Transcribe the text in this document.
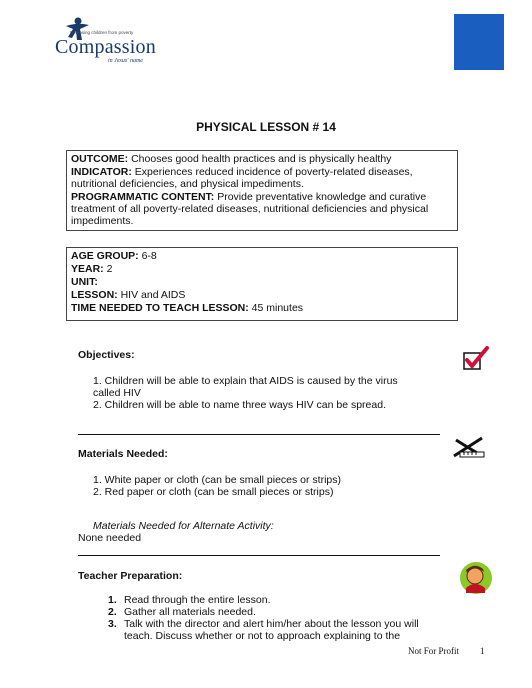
Releasing children from poverty
Compassion
in Jesus' name
PHYSICAL LESSON # 14

OUTCOME: Chooses good health practices and is physically healthy

INDICATOR: Experiences reduced incidence of poverty-related diseases, nutritional deficiencies, and physical impediments.

PROGRAMMATIC CONTENT: Provide preventative knowledge and curative treatment of all poverty-related diseases, nutritional deficiencies and physical impediments.

AGE GROUP: 6-8

YEAR: 2

UNIT:

LESSON: HIV and AIDS

TIME NEEDED TO TEACH LESSON: 45 minutes

Objectives:

1. Children will be able to explain that AIDS is caused by the virus called HIV

2. Children will be able to name three ways HIV can be spread.

Materials Needed:

1. White paper or cloth (can be small pieces or strips)

2. Red paper or cloth (can be small pieces or strips)

Materials Needed for Alternate Activity:
None needed
Teacher Preparation:
1. Read through the entire lesson.
2. Gather all materials needed.
3. Talk with the director and alert him/her about the lesson you will teach. Discuss whether or not to approach explaining to the
Not For Profit 1
